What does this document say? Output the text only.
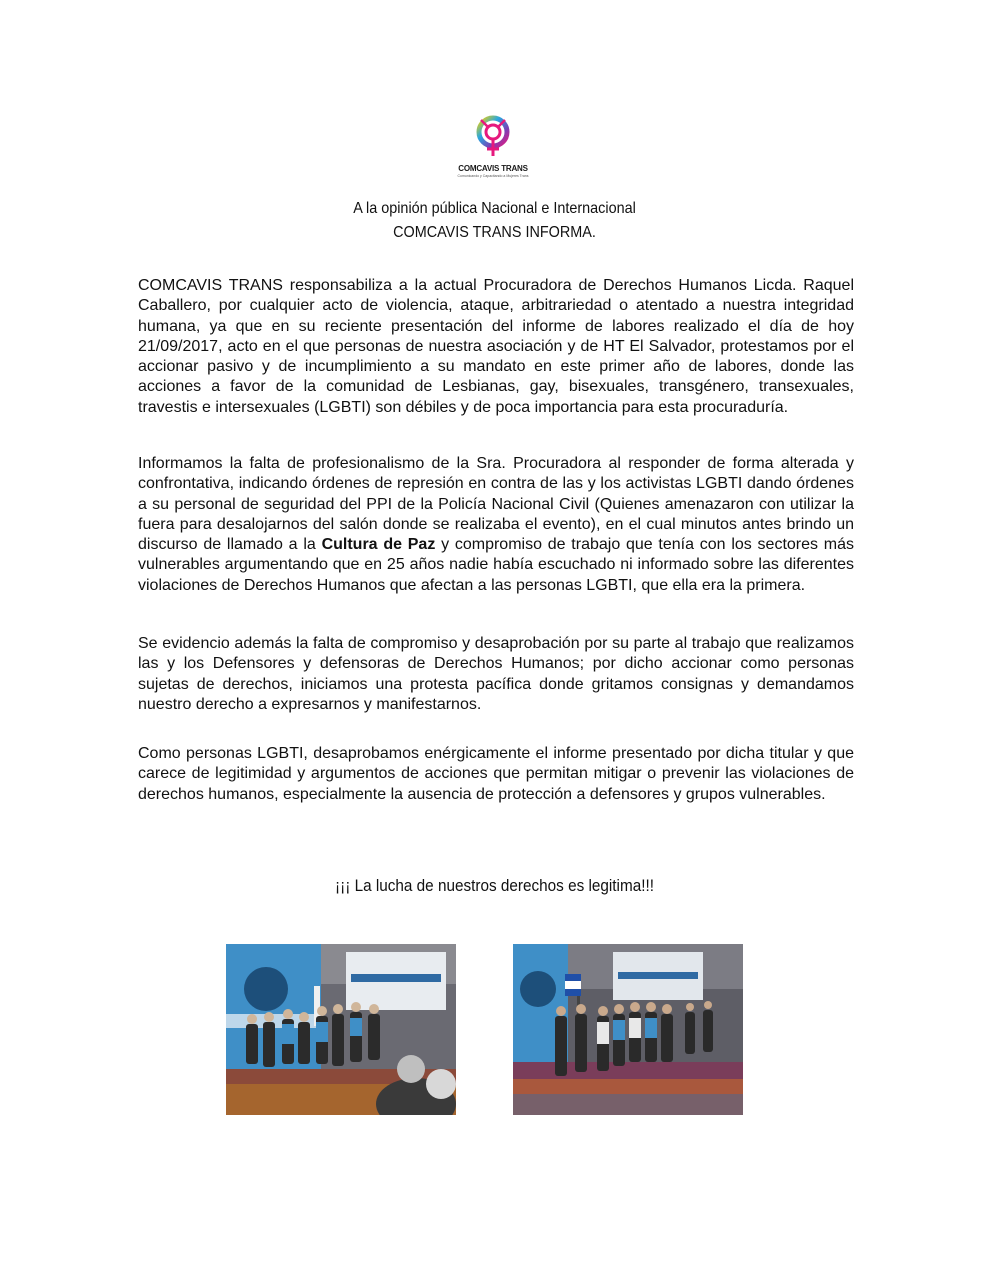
COMCAVIS TRANS
Comunicando y Capacitando a Mujeres Trans
A la opinión pública Nacional e Internacional
COMCAVIS TRANS INFORMA.

COMCAVIS TRANS responsabiliza a la actual Procuradora de Derechos Humanos Licda. Raquel Caballero, por cualquier acto de violencia, ataque, arbitrariedad o atentado a nuestra integridad humana, ya que en su reciente presentación del informe de labores realizado el día de hoy 21/09/2017, acto en el que personas de nuestra asociación y de HT El Salvador, protestamos por el accionar pasivo y de incumplimiento a su mandato en este primer año de labores, donde las acciones a favor de la comunidad de Lesbianas, gay, bisexuales, transgénero, transexuales, travestis e intersexuales (LGBTI) son débiles y de poca importancia para esta procuraduría.

Informamos la falta de profesionalismo de la Sra. Procuradora al responder de forma alterada y confrontativa, indicando órdenes de represión en contra de las y los activistas LGBTI dando órdenes a su personal de seguridad del PPI de la Policía Nacional Civil (Quienes amenazaron con utilizar la fuera para desalojarnos del salón donde se realizaba el evento), en el cual minutos antes brindo un discurso de llamado a la Cultura de Paz y compromiso de trabajo que tenía con los sectores más vulnerables argumentando que en 25 años nadie había escuchado ni informado sobre las diferentes violaciones de Derechos Humanos que afectan a las personas LGBTI, que ella era la primera.

Se evidencio además la falta de compromiso y desaprobación por su parte al trabajo que realizamos las y los Defensores y defensoras de Derechos Humanos; por dicho accionar como personas sujetas de derechos, iniciamos una protesta pacífica donde gritamos consignas y demandamos nuestro derecho a expresarnos y manifestarnos.

Como personas LGBTI, desaprobamos enérgicamente el informe presentado por dicha titular y que carece de legitimidad y argumentos de acciones que permitan mitigar o prevenir las violaciones de derechos humanos, especialmente la ausencia de protección a defensores y grupos vulnerables.

¡¡¡ La lucha de nuestros derechos es legitima!!!
